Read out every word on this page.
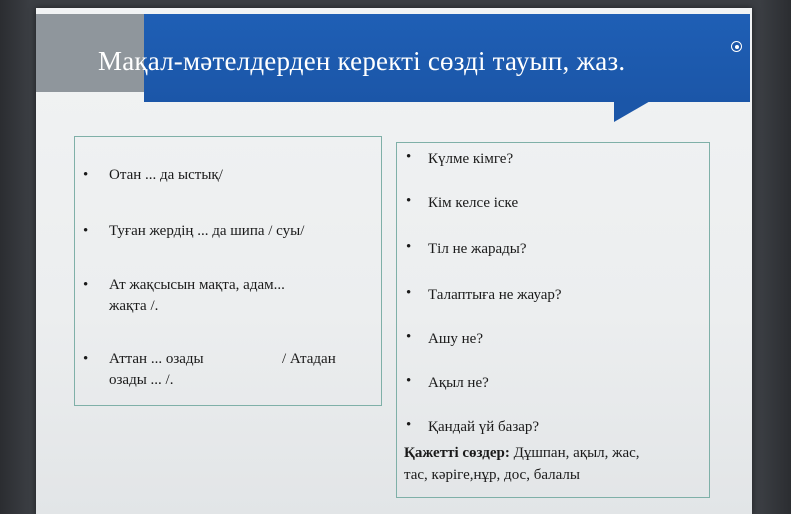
Мақал-мәтелдерден керекті сөзді тауып, жаз.
• Отан ... да ыстық/
• Туған жердің ... да шипа / суы/
• Ат жақсысын мақта, адам...
жақта /.
• Аттан ... озады	/ Атадан
озады ... /.
• Күлме кімге?
• Кім келсе іске
• Тіл не жарады?
• Талаптыға не жауар?
• Ашу не?
• Ақыл не?
• Қандай үй базар?
Қажетті сөздер: Дұшпан, ақыл, жас,
тас, кәріге,нұр, дос, балалы
